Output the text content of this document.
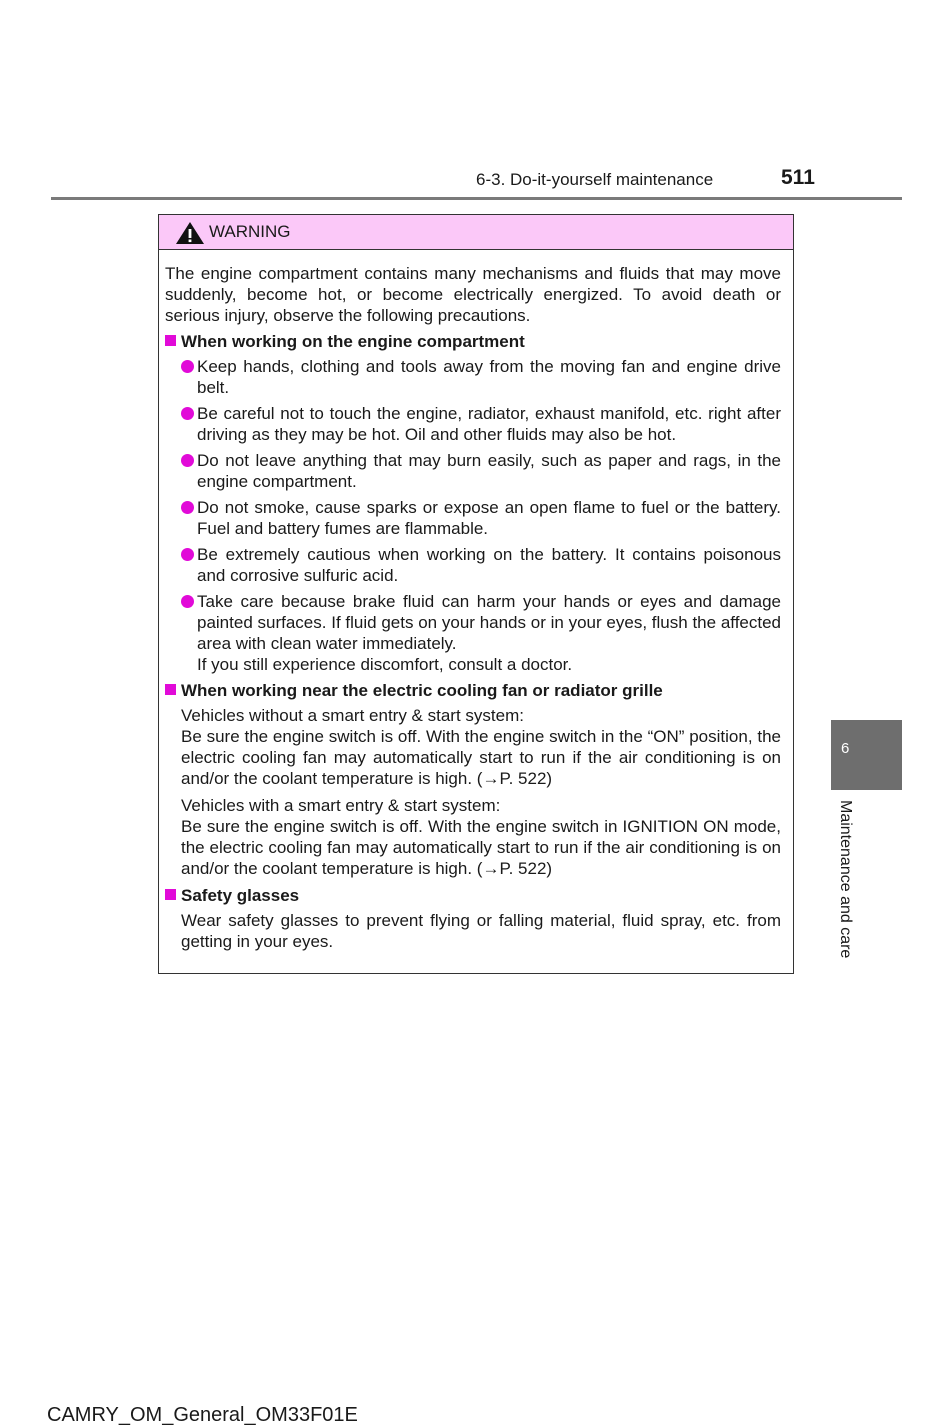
6-3. Do-it-yourself maintenance	511
WARNING

The engine compartment contains many mechanisms and fluids that may move suddenly, become hot, or become electrically energized. To avoid death or serious injury, observe the following precautions.

When working on the engine compartment
Keep hands, clothing and tools away from the moving fan and engine drive belt.
Be careful not to touch the engine, radiator, exhaust manifold, etc. right after driving as they may be hot. Oil and other fluids may also be hot.
Do not leave anything that may burn easily, such as paper and rags, in the engine compartment.
Do not smoke, cause sparks or expose an open flame to fuel or the battery. Fuel and battery fumes are flammable.
Be extremely cautious when working on the battery. It contains poisonous and corrosive sulfuric acid.
Take care because brake fluid can harm your hands or eyes and damage painted surfaces. If fluid gets on your hands or in your eyes, flush the affected area with clean water immediately.
If you still experience discomfort, consult a doctor.
When working near the electric cooling fan or radiator grille
Vehicles without a smart entry & start system:
Be sure the engine switch is off. With the engine switch in the “ON” position, the electric cooling fan may automatically start to run if the air conditioning is on and/or the coolant temperature is high. (→P. 522)
Vehicles with a smart entry & start system:
Be sure the engine switch is off. With the engine switch in IGNITION ON mode, the electric cooling fan may automatically start to run if the air conditioning is on and/or the coolant temperature is high. (→P. 522)
Safety glasses
Wear safety glasses to prevent flying or falling material, fluid spray, etc. from getting in your eyes.
6
Maintenance and care
CAMRY_OM_General_OM33F01E
